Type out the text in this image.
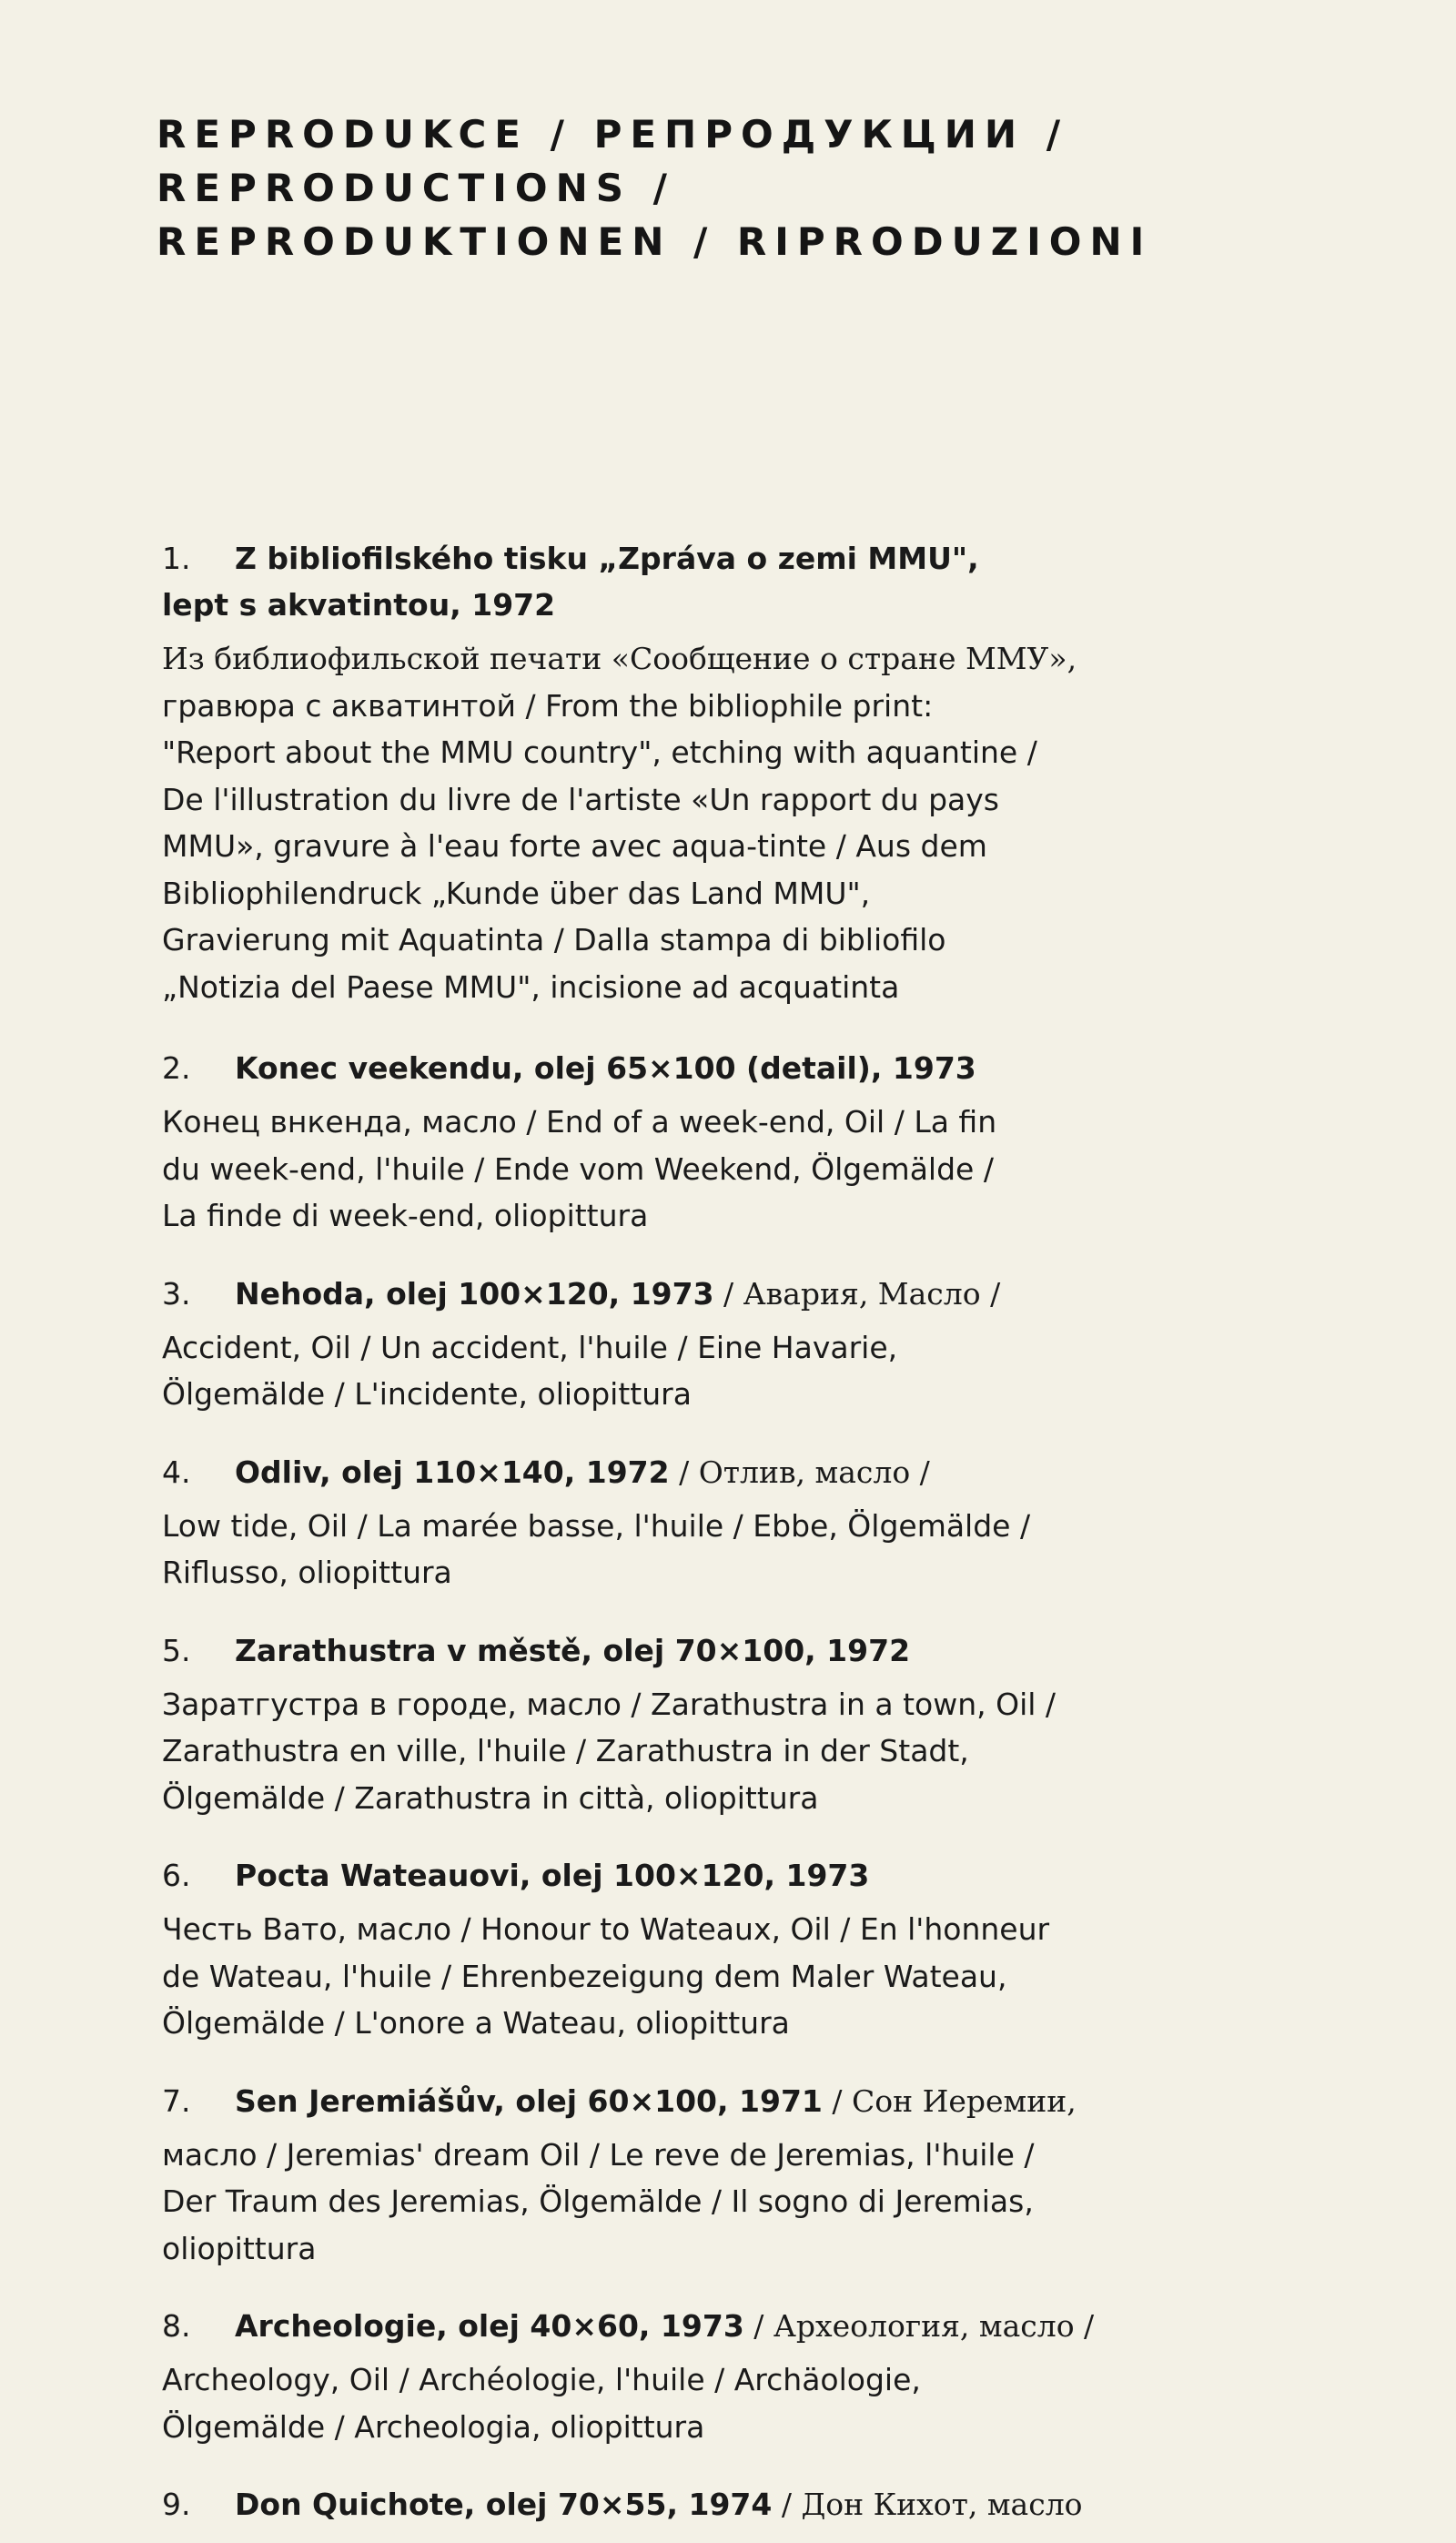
REPRODUKCE / РЕПРОДУКЦИИ /
REPRODUCTIONS /
REPRODUKTIONEN / RIPRODUZIONI
1. Z bibliofilského tisku „Zpráva o zemi MMU",
lept s akvatintou, 1972
Из библиофильской печати «Сообщение о стране ММУ»,
гравюра с акватинтой / From the bibliophile print:
"Report about the MMU country", etching with aquantine /
De l'illustration du livre de l'artiste «Un rapport du pays
MMU», gravure à l'eau forte avec aqua-tinte / Aus dem
Bibliophilendruck „Kunde über das Land MMU",
Gravierung mit Aquatinta / Dalla stampa di bibliofilo
„Notizia del Paese MMU", incisione ad acquatinta
2. Konec veekendu, olej 65×100 (detail), 1973
Конец внкенда, масло / End of a week-end, Oil / La fin
du week-end, l'huile / Ende vom Weekend, Ölgemälde /
La finde di week-end, oliopittura
3. Nehoda, olej 100×120, 1973 / Авария, Масло /
Accident, Oil / Un accident, l'huile / Eine Havarie,
Ölgemälde / L'incidente, oliopittura
4. Odliv, olej 110×140, 1972 / Отлив, масло /
Low tide, Oil / La marée basse, l'huile / Ebbe, Ölgemälde /
Riflusso, oliopittura
5. Zarathustra v městě, olej 70×100, 1972
Заратгустра в городе, масло / Zarathustra in a town, Oil /
Zarathustra en ville, l'huile / Zarathustra in der Stadt,
Ölgemälde / Zarathustra in città, oliopittura
6. Pocta Wateauovi, olej 100×120, 1973
Честь Вато, масло / Honour to Wateaux, Oil / En l'honneur
de Wateau, l'huile / Ehrenbezeigung dem Maler Wateau,
Ölgemälde / L'onore a Wateau, oliopittura
7. Sen Jeremiášův, olej 60×100, 1971 / Сон Иеремии,
масло / Jeremias' dream Oil / Le reve de Jeremias, l'huile /
Der Traum des Jeremias, Ölgemälde / Il sogno di Jeremias,
oliopittura
8. Archeologie, olej 40×60, 1973 / Археология, масло /
Archeology, Oil / Archéologie, l'huile / Archäologie,
Ölgemälde / Archeologia, oliopittura
9. Don Quichote, olej 70×55, 1974 / Дон Кихот, масло
